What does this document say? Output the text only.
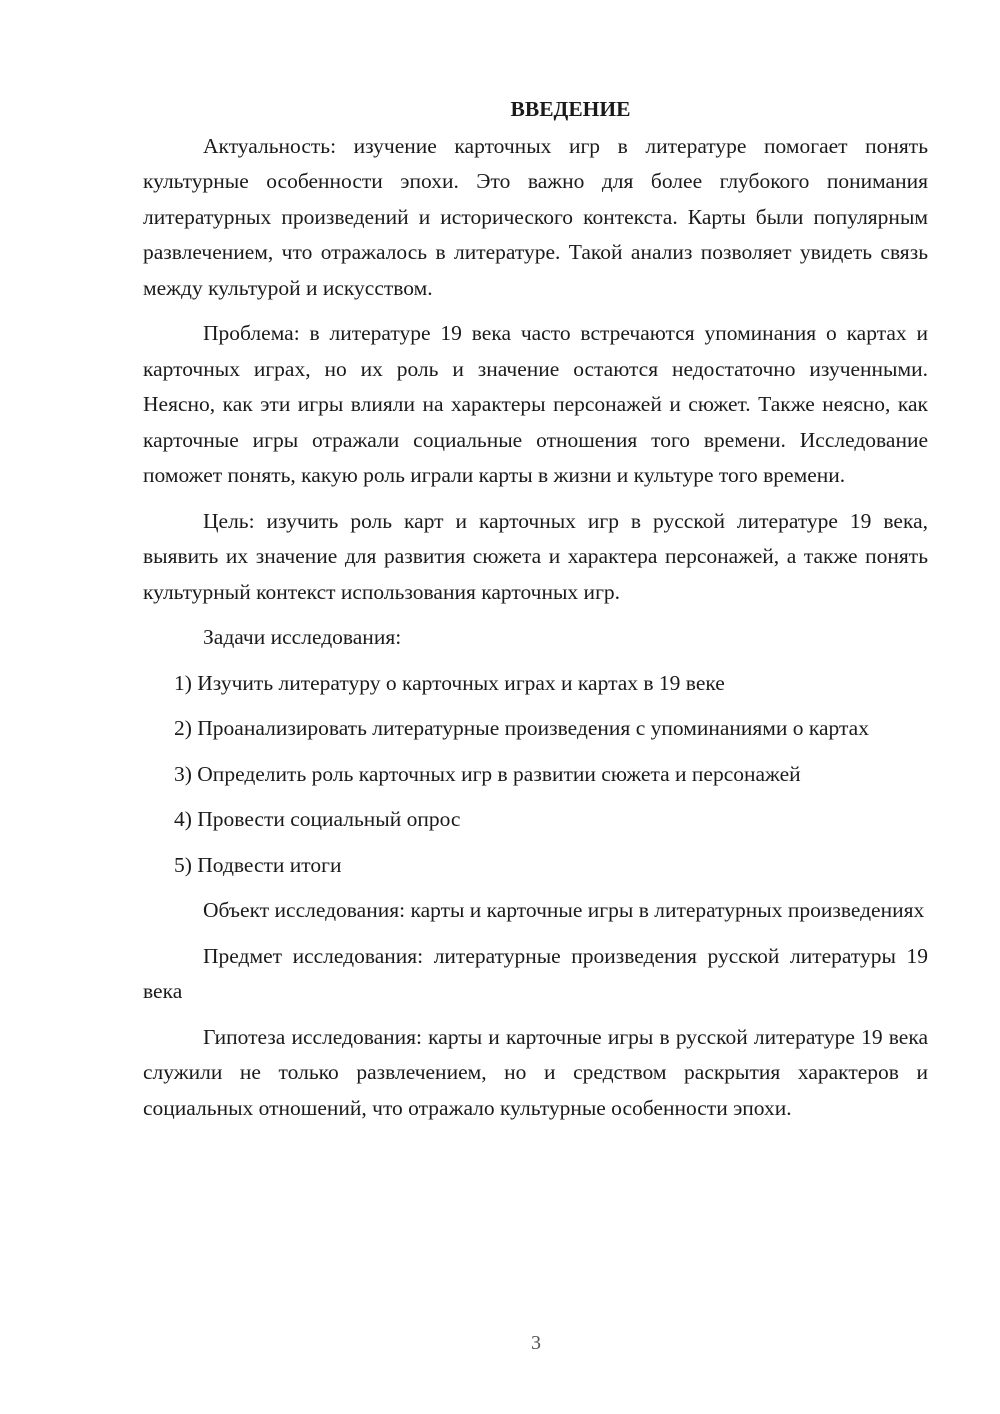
ВВЕДЕНИЕ

Актуальность: изучение карточных игр в литературе помогает понять культурные особенности эпохи. Это важно для более глубокого понимания литературных произведений и исторического контекста. Карты были популярным развлечением, что отражалось в литературе. Такой анализ позволяет увидеть связь между культурой и искусством.

Проблема: в литературе 19 века часто встречаются упоминания о картах и карточных играх, но их роль и значение остаются недостаточно изученными. Неясно, как эти игры влияли на характеры персонажей и сюжет. Также неясно, как карточные игры отражали социальные отношения того времени. Исследование поможет понять, какую роль играли карты в жизни и культуре того времени.

Цель: изучить роль карт и карточных игр в русской литературе 19 века, выявить их значение для развития сюжета и характера персонажей, а также понять культурный контекст использования карточных игр.

Задачи исследования:

1) Изучить литературу о карточных играх и картах в 19 веке

2) Проанализировать литературные произведения с упоминаниями о картах

3) Определить роль карточных игр в развитии сюжета и персонажей

4) Провести социальный опрос

5) Подвести итоги

Объект исследования: карты и карточные игры в литературных произведениях

Предмет исследования: литературные произведения русской литературы 19 века

Гипотеза исследования: карты и карточные игры в русской литературе 19 века служили не только развлечением, но и средством раскрытия характеров и социальных отношений, что отражало культурные особенности эпохи.

3
